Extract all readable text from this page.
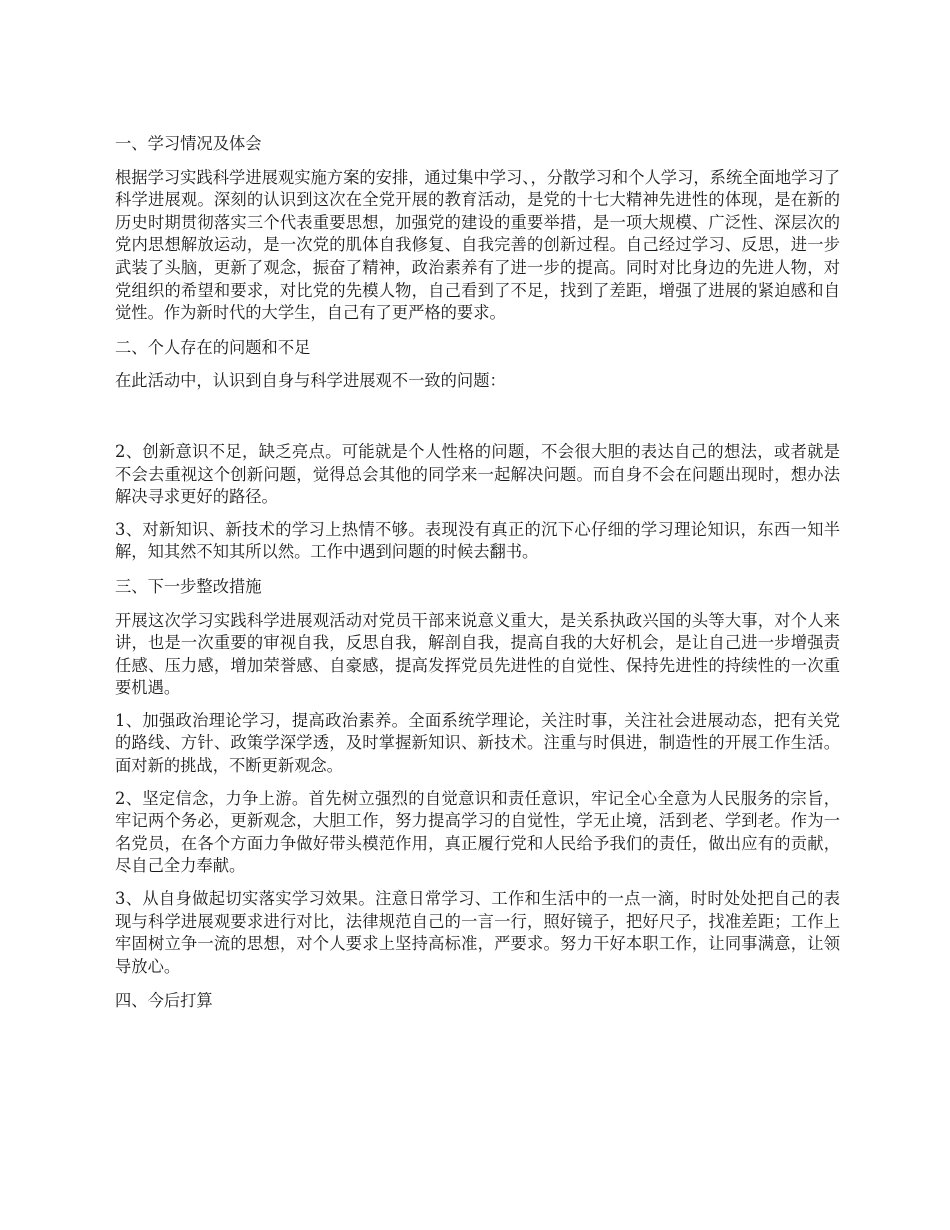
一、学习情况及体会

根据学习实践科学进展观实施方案的安排，通过集中学习、，分散学习和个人学习，系统全面地学习了科学进展观。深刻的认识到这次在全党开展的教育活动，是党的十七大精神先进性的体现，是在新的历史时期贯彻落实三个代表重要思想，加强党的建设的重要举措，是一项大规模、广泛性、深层次的党内思想解放运动，是一次党的肌体自我修复、自我完善的创新过程。自己经过学习、反思，进一步武装了头脑，更新了观念，振奋了精神，政治素养有了进一步的提高。同时对比身边的先进人物，对党组织的希望和要求，对比党的先模人物，自己看到了不足，找到了差距，增强了进展的紧迫感和自觉性。作为新时代的大学生，自己有了更严格的要求。

二、个人存在的问题和不足

在此活动中，认识到自身与科学进展观不一致的问题：

2、创新意识不足，缺乏亮点。可能就是个人性格的问题，不会很大胆的表达自己的想法，或者就是不会去重视这个创新问题，觉得总会其他的同学来一起解决问题。而自身不会在问题出现时，想办法解决寻求更好的路径。

3、对新知识、新技术的学习上热情不够。表现没有真正的沉下心仔细的学习理论知识，东西一知半解，知其然不知其所以然。工作中遇到问题的时候去翻书。

三、下一步整改措施

开展这次学习实践科学进展观活动对党员干部来说意义重大，是关系执政兴国的头等大事，对个人来讲，也是一次重要的审视自我，反思自我，解剖自我，提高自我的大好机会，是让自己进一步增强责任感、压力感，增加荣誉感、自豪感，提高发挥党员先进性的自觉性、保持先进性的持续性的一次重要机遇。

1、加强政治理论学习，提高政治素养。全面系统学理论，关注时事，关注社会进展动态，把有关党的路线、方针、政策学深学透，及时掌握新知识、新技术。注重与时俱进，制造性的开展工作生活。面对新的挑战，不断更新观念。

2、坚定信念，力争上游。首先树立强烈的自觉意识和责任意识，牢记全心全意为人民服务的宗旨，牢记两个务必，更新观念，大胆工作，努力提高学习的自觉性，学无止境，活到老、学到老。作为一名党员，在各个方面力争做好带头模范作用，真正履行党和人民给予我们的责任，做出应有的贡献，尽自己全力奉献。

3、从自身做起切实落实学习效果。注意日常学习、工作和生活中的一点一滴，时时处处把自己的表现与科学进展观要求进行对比，法律规范自己的一言一行，照好镜子，把好尺子，找准差距；工作上牢固树立争一流的思想，对个人要求上坚持高标准，严要求。努力干好本职工作，让同事满意，让领导放心。

四、今后打算
